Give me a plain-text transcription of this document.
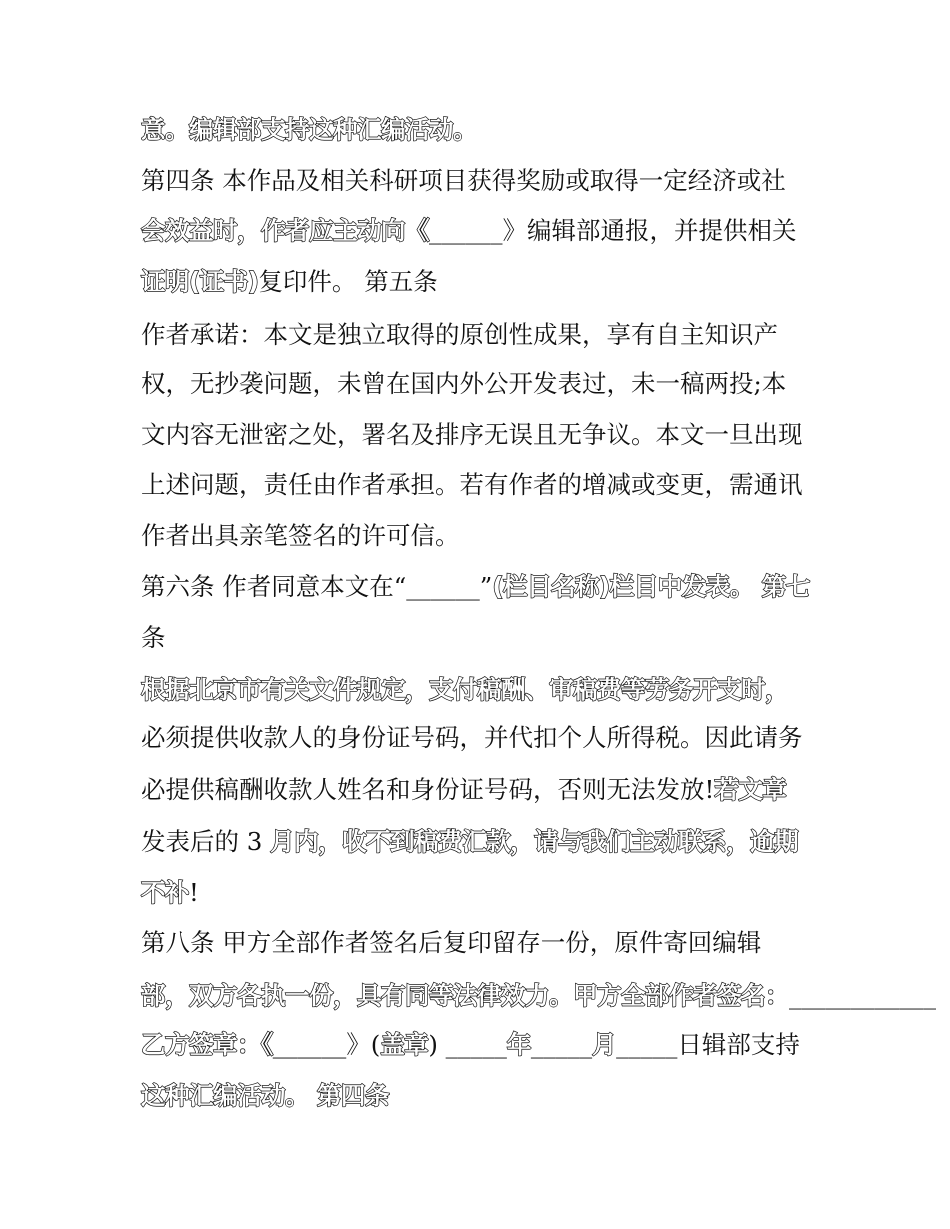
意。编辑部支持这种汇编活动。
第四条 本作品及相关科研项目获得奖励或取得一定经济或社
会效益时，作者应主动向《______》编辑部通报，并提供相关
证明(证书)复印件。 第五条
作者承诺：本文是独立取得的原创性成果，享有自主知识产
权，无抄袭问题，未曾在国内外公开发表过，未一稿两投;本
文内容无泄密之处，署名及排序无误且无争议。本文一旦出现
上述问题，责任由作者承担。若有作者的增减或变更，需通讯
作者出具亲笔签名的许可信。
第六条 作者同意本文在“______”(栏目名称)栏目中发表。 第七
条
根据北京市有关文件规定，支付稿酬、审稿费等劳务开支时，
必须提供收款人的身份证号码，并代扣个人所得税。因此请务
必提供稿酬收款人姓名和身份证号码，否则无法发放!若文章
发表后的 3 月内，收不到稿费汇款，请与我们主动联系，逾期
不补!
第八条 甲方全部作者签名后复印留存一份，原件寄回编辑
部，双方各执一份，具有同等法律效力。甲方全部作者签名：____________
乙方签章：《______》(盖章) _____年_____月_____日辑部支持
这种汇编活动。 第四条
